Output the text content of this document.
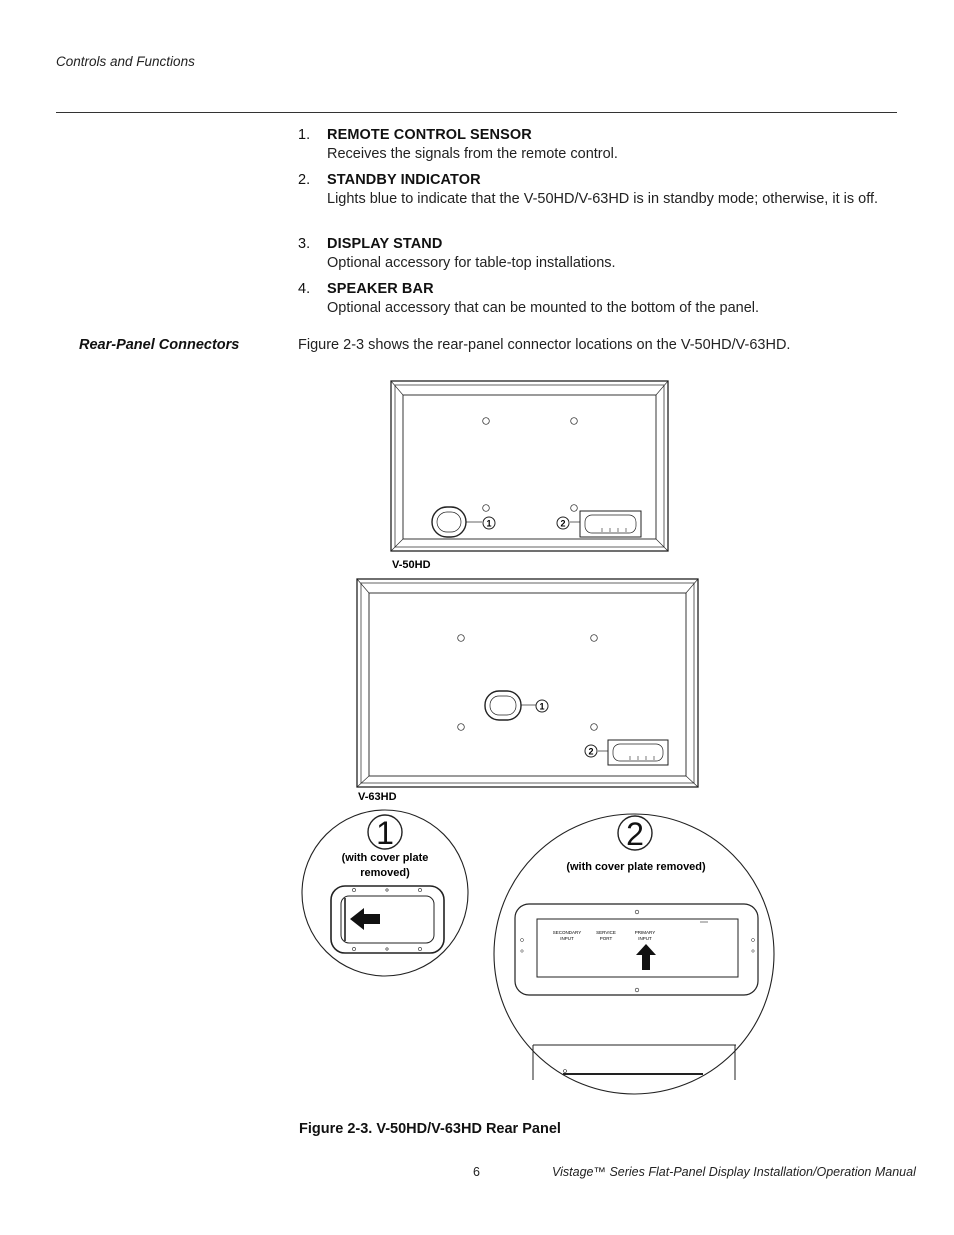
Controls and Functions
1. REMOTE CONTROL SENSOR
Receives the signals from the remote control.
2. STANDBY INDICATOR
Lights blue to indicate that the V-50HD/V-63HD is in standby mode; otherwise, it is off.
3. DISPLAY STAND
Optional accessory for table-top installations.
4. SPEAKER BAR
Optional accessory that can be mounted to the bottom of the panel.
Rear-Panel Connectors	Figure 2-3 shows the rear-panel connector locations on the V-50HD/V-63HD.
1	2
V-50HD
1
2
V-63HD
1
(with cover plate
removed)
2
(with cover plate removed)
SECONDARY
INPUT
SERVICE
PORT
PRIMARY
INPUT
Figure 2-3. V-50HD/V-63HD Rear Panel
6	Vistage™ Series Flat-Panel Display Installation/Operation Manual
